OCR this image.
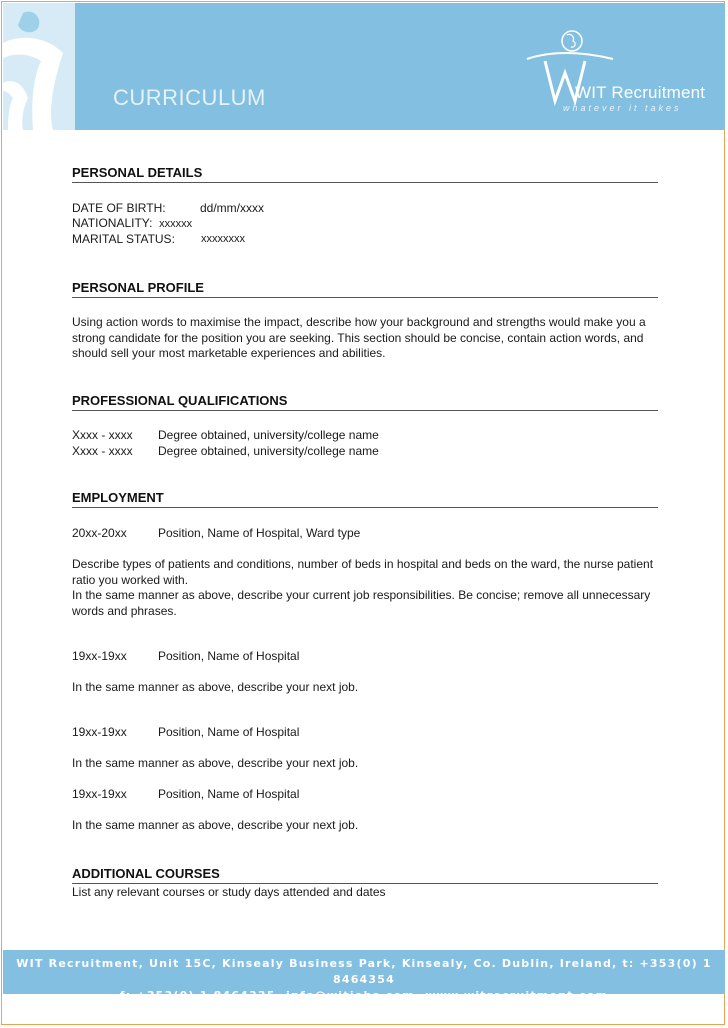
CURRICULUM	WIT Recruitment
whatever it takes
PERSONAL DETAILS
DATE OF BIRTH:	dd/mm/xxxx
NATIONALITY: xxxxxx
MARITAL STATUS: xxxxxxxx
PERSONAL PROFILE
Using action words to maximise the impact, describe how your background and strengths would make you a strong candidate for the position you are seeking. This section should be concise, contain action words, and should sell your most marketable experiences and abilities.
PROFESSIONAL QUALIFICATIONS
Xxxx - xxxx Degree obtained, university/college name
Xxxx - xxxx Degree obtained, university/college name
EMPLOYMENT
20xx-20xx	Position, Name of Hospital, Ward type
Describe types of patients and conditions, number of beds in hospital and beds on the ward, the nurse patient ratio you worked with.
In the same manner as above, describe your current job responsibilities. Be concise; remove all unnecessary words and phrases.
19xx-19xx	Position, Name of Hospital
In the same manner as above, describe your next job.
19xx-19xx	Position, Name of Hospital
In the same manner as above, describe your next job.
19xx-19xx	Position, Name of Hospital
In the same manner as above, describe your next job.
ADDITIONAL COURSES
List any relevant courses or study days attended and dates
WIT Recruitment, Unit 15C, Kinsealy Business Park, Kinsealy, Co. Dublin, Ireland, t: +353(0) 1 8464354
f: +353(0) 1 8464335, info@witjobs.com, www.witrecruitment.com
